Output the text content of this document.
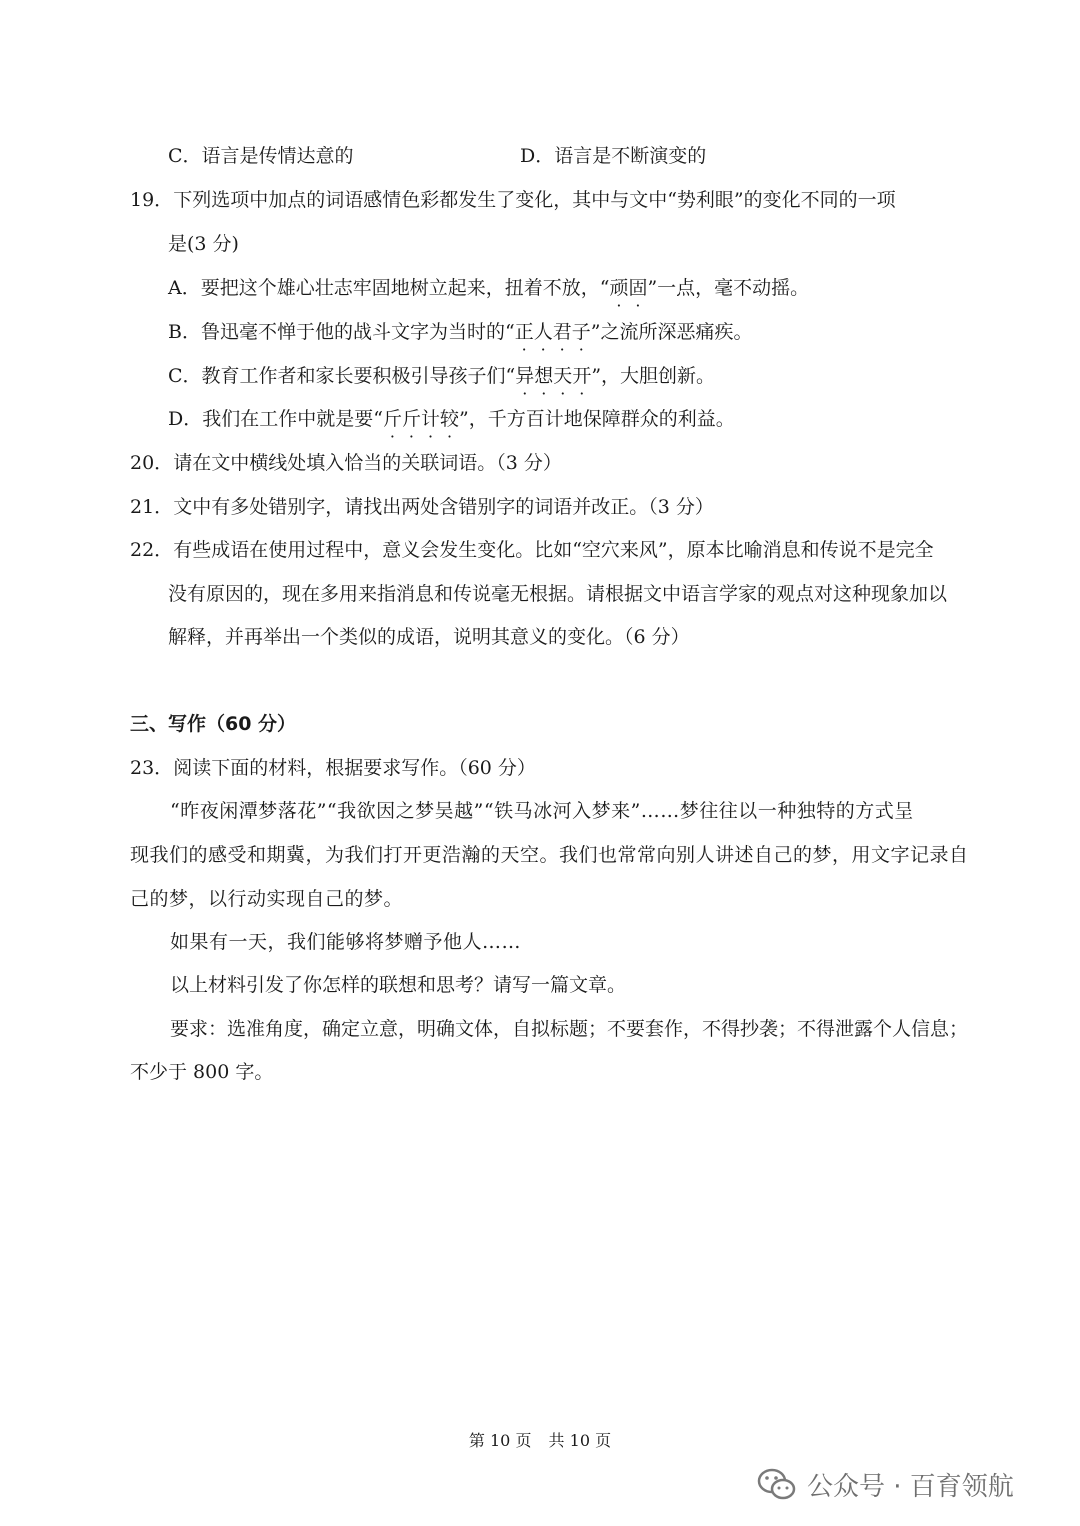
C．语言是传情达意的	D．语言是不断演变的
19．下列选项中加点的词语感情色彩都发生了变化，其中与文中“势利眼”的变化不同的一项
是(3 分)
A．要把这个雄心壮志牢固地树立起来，扭着不放，“顽固”一点，毫不动摇。
B．鲁迅毫不惮于他的战斗文字为当时的“正人君子”之流所深恶痛疾。
C．教育工作者和家长要积极引导孩子们“异想天开”，大胆创新。
D．我们在工作中就是要“斤斤计较”，千方百计地保障群众的利益。
20．请在文中横线处填入恰当的关联词语。（3 分）
21．文中有多处错别字，请找出两处含错别字的词语并改正。（3 分）
22．有些成语在使用过程中，意义会发生变化。比如“空穴来风”，原本比喻消息和传说不是完全
没有原因的，现在多用来指消息和传说毫无根据。请根据文中语言学家的观点对这种现象加以
解释，并再举出一个类似的成语，说明其意义的变化。（6 分）
三、写作（60 分）
23．阅读下面的材料，根据要求写作。（60 分）
“昨夜闲潭梦落花”“我欲因之梦吴越”“铁马冰河入梦来”……梦往往以一种独特的方式呈
现我们的感受和期冀，为我们打开更浩瀚的天空。我们也常常向别人讲述自己的梦，用文字记录自
己的梦，以行动实现自己的梦。
如果有一天，我们能够将梦赠予他人……
以上材料引发了你怎样的联想和思考？请写一篇文章。
要求：选准角度，确定立意，明确文体，自拟标题；不要套作，不得抄袭；不得泄露个人信息；
不少于 800 字。
第 10 页 共 10 页
公众号 · 百育领航
